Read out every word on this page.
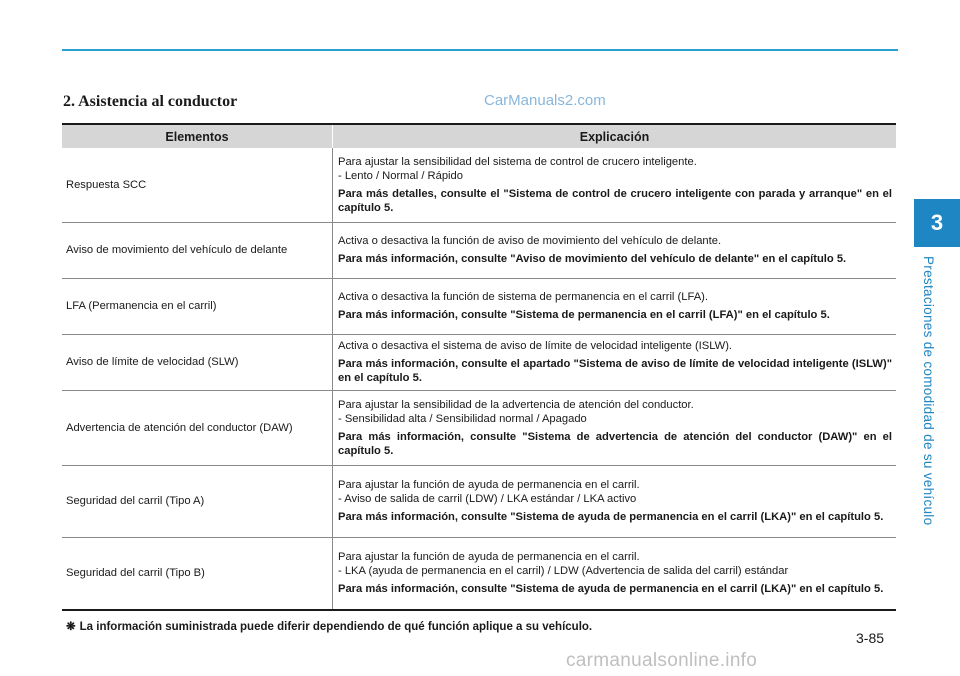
2. Asistencia al conductor	CarManuals2.com
3
Prestaciones de comodidad de su vehículo
Elementos	Explicación
Respuesta SCC	Para ajustar la sensibilidad del sistema de control de crucero inteligente.
- Lento / Normal / Rápido
Para más detalles, consulte el "Sistema de control de crucero inteligente con parada y arranque" en el capítulo 5.

Aviso de movimiento del vehículo de delante	Activa o desactiva la función de aviso de movimiento del vehículo de delante.
Para más información, consulte "Aviso de movimiento del vehículo de delante" en el capítulo 5.

LFA (Permanencia en el carril)	Activa o desactiva la función de sistema de permanencia en el carril (LFA).
Para más información, consulte "Sistema de permanencia en el carril (LFA)" en el capítulo 5.

Aviso de límite de velocidad (SLW)	Activa o desactiva el sistema de aviso de límite de velocidad inteligente (ISLW).
Para más información, consulte el apartado "Sistema de aviso de límite de velocidad inteligente (ISLW)" en el capítulo 5.

Advertencia de atención del conductor (DAW)	Para ajustar la sensibilidad de la advertencia de atención del conductor.
- Sensibilidad alta / Sensibilidad normal / Apagado
Para más información, consulte "Sistema de advertencia de atención del conductor (DAW)" en el capítulo 5.

Seguridad del carril (Tipo A)	Para ajustar la función de ayuda de permanencia en el carril.
- Aviso de salida de carril (LDW) / LKA estándar / LKA activo
Para más información, consulte "Sistema de ayuda de permanencia en el carril (LKA)" en el capítulo 5.

Seguridad del carril (Tipo B)	Para ajustar la función de ayuda de permanencia en el carril.
- LKA (ayuda de permanencia en el carril) / LDW (Advertencia de salida del carril) estándar
Para más información, consulte "Sistema de ayuda de permanencia en el carril (LKA)" en el capítulo 5.
❋ La información suministrada puede diferir dependiendo de qué función aplique a su vehículo.
3-85
carmanualsonline.info
